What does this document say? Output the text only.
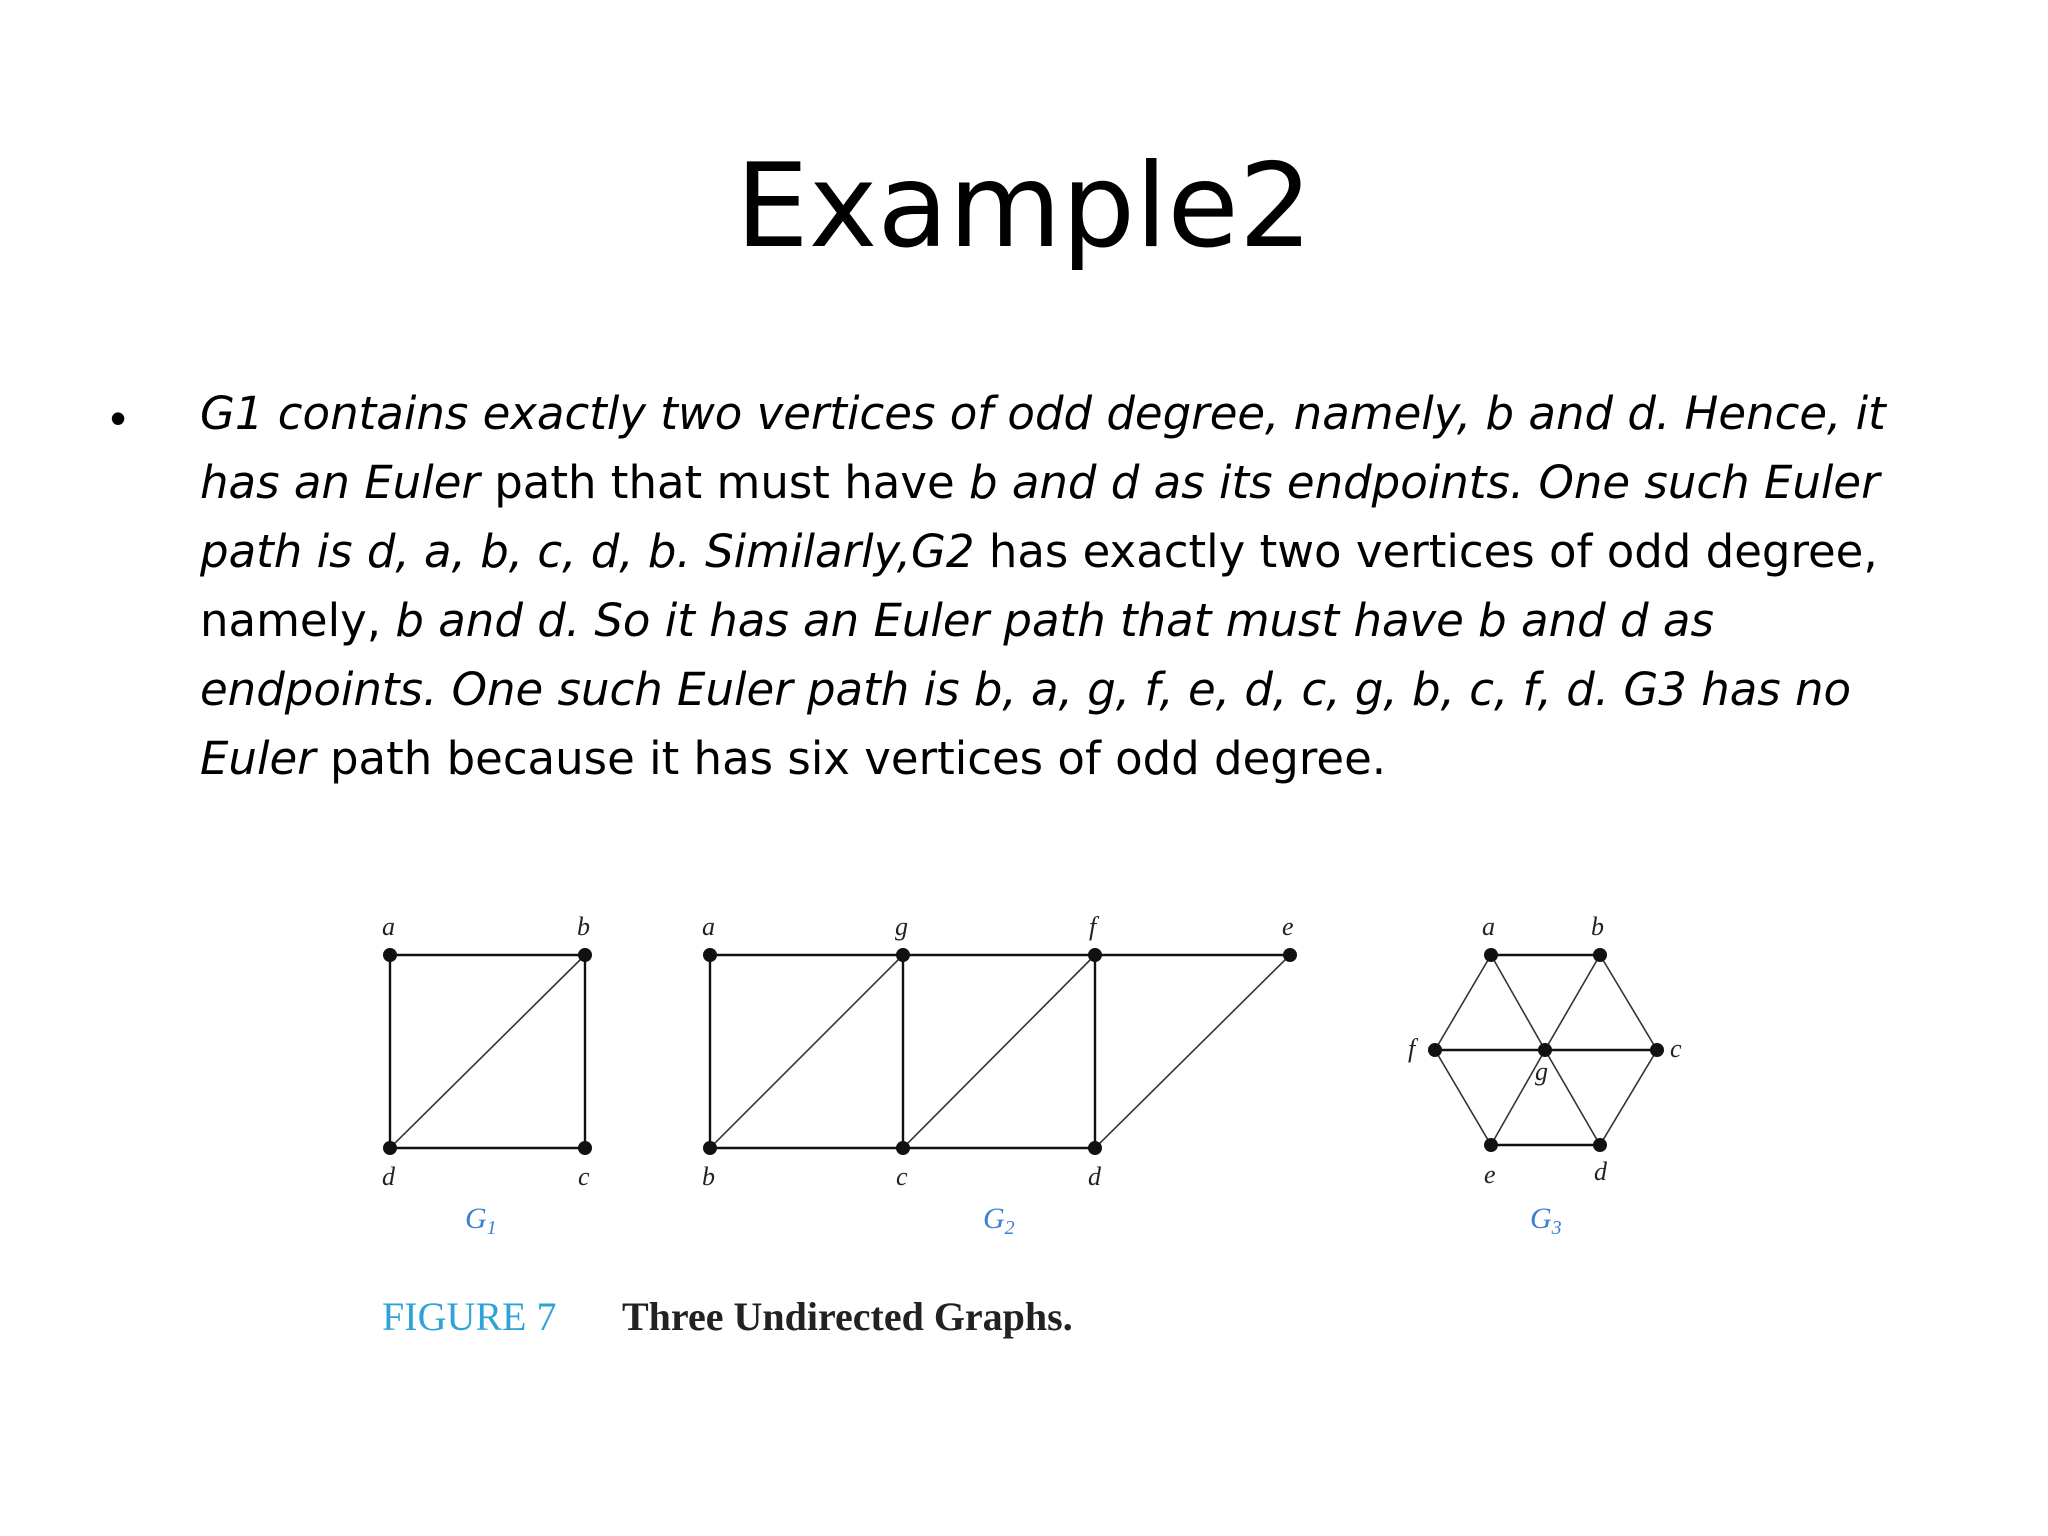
Example2
• G1 contains exactly two vertices of odd degree, namely, b and d. Hence, it
has an Euler path that must have b and d as its endpoints. One such Euler
path is d, a, b, c, d, b. Similarly,G2 has exactly two vertices of odd degree,
namely, b and d. So it has an Euler path that must have b and d as
endpoints. One such Euler path is b, a, g, f, e, d, c, g, b, c, f, d. G3 has no
Euler path because it has six vertices of odd degree.
a	b
c
d
$G_1$
a	g	f	e
b	c	d
$G_2$
a	b
c
d
e
f
g
$G_3$
FIGURE 7 Three Undirected Graphs.
